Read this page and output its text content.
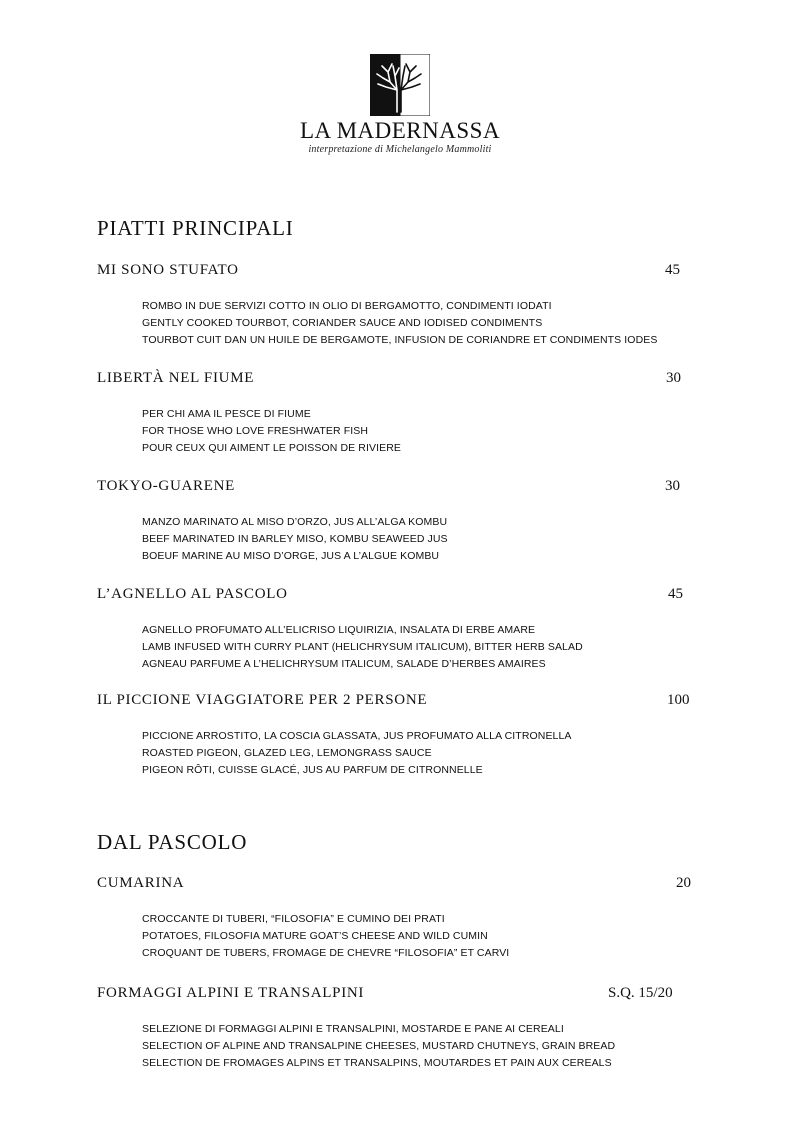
LA MADERNASSA
interpretazione di Michelangelo Mammoliti
PIATTI PRINCIPALI
MI SONO STUFATO	45
ROMBO IN DUE SERVIZI COTTO IN OLIO DI BERGAMOTTO, CONDIMENTI IODATI
GENTLY COOKED TOURBOT, CORIANDER SAUCE AND IODISED CONDIMENTS
TOURBOT CUIT DAN UN HUILE DE BERGAMOTE, INFUSION DE CORIANDRE ET CONDIMENTS IODES
LIBERTÀ NEL FIUME	30
PER CHI AMA IL PESCE DI FIUME
FOR THOSE WHO LOVE FRESHWATER FISH
POUR CEUX QUI AIMENT LE POISSON DE RIVIERE
TOKYO-GUARENE	30
MANZO MARINATO AL MISO D’ORZO, JUS ALL’ALGA KOMBU
BEEF MARINATED IN BARLEY MISO, KOMBU SEAWEED JUS
BOEUF MARINE AU MISO D’ORGE, JUS A L’ALGUE KOMBU
L’AGNELLO AL PASCOLO	45
AGNELLO PROFUMATO ALL’ELICRISO LIQUIRIZIA, INSALATA DI ERBE AMARE
LAMB INFUSED WITH CURRY PLANT (HELICHRYSUM ITALICUM), BITTER HERB SALAD
AGNEAU PARFUME A L’HELICHRYSUM ITALICUM, SALADE D’HERBES AMAIRES
IL PICCIONE VIAGGIATORE PER 2 PERSONE	100
PICCIONE ARROSTITO, LA COSCIA GLASSATA, JUS PROFUMATO ALLA CITRONELLA
ROASTED PIGEON, GLAZED LEG, LEMONGRASS SAUCE
PIGEON RÔTI, CUISSE GLACÉ, JUS AU PARFUM DE CITRONNELLE
DAL PASCOLO
CUMARINA	20
CROCCANTE DI TUBERI, “FILOSOFIA” E CUMINO DEI PRATI
POTATOES, FILOSOFIA MATURE GOAT’S CHEESE AND WILD CUMIN
CROQUANT DE TUBERS, FROMAGE DE CHEVRE “FILOSOFIA” ET CARVI
FORMAGGI ALPINI E TRANSALPINI	S.Q. 15/20
SELEZIONE DI FORMAGGI ALPINI E TRANSALPINI, MOSTARDE E PANE AI CEREALI
SELECTION OF ALPINE AND TRANSALPINE CHEESES, MUSTARD CHUTNEYS, GRAIN BREAD
SELECTION DE FROMAGES ALPINS ET TRANSALPINS, MOUTARDES ET PAIN AUX CEREALS
